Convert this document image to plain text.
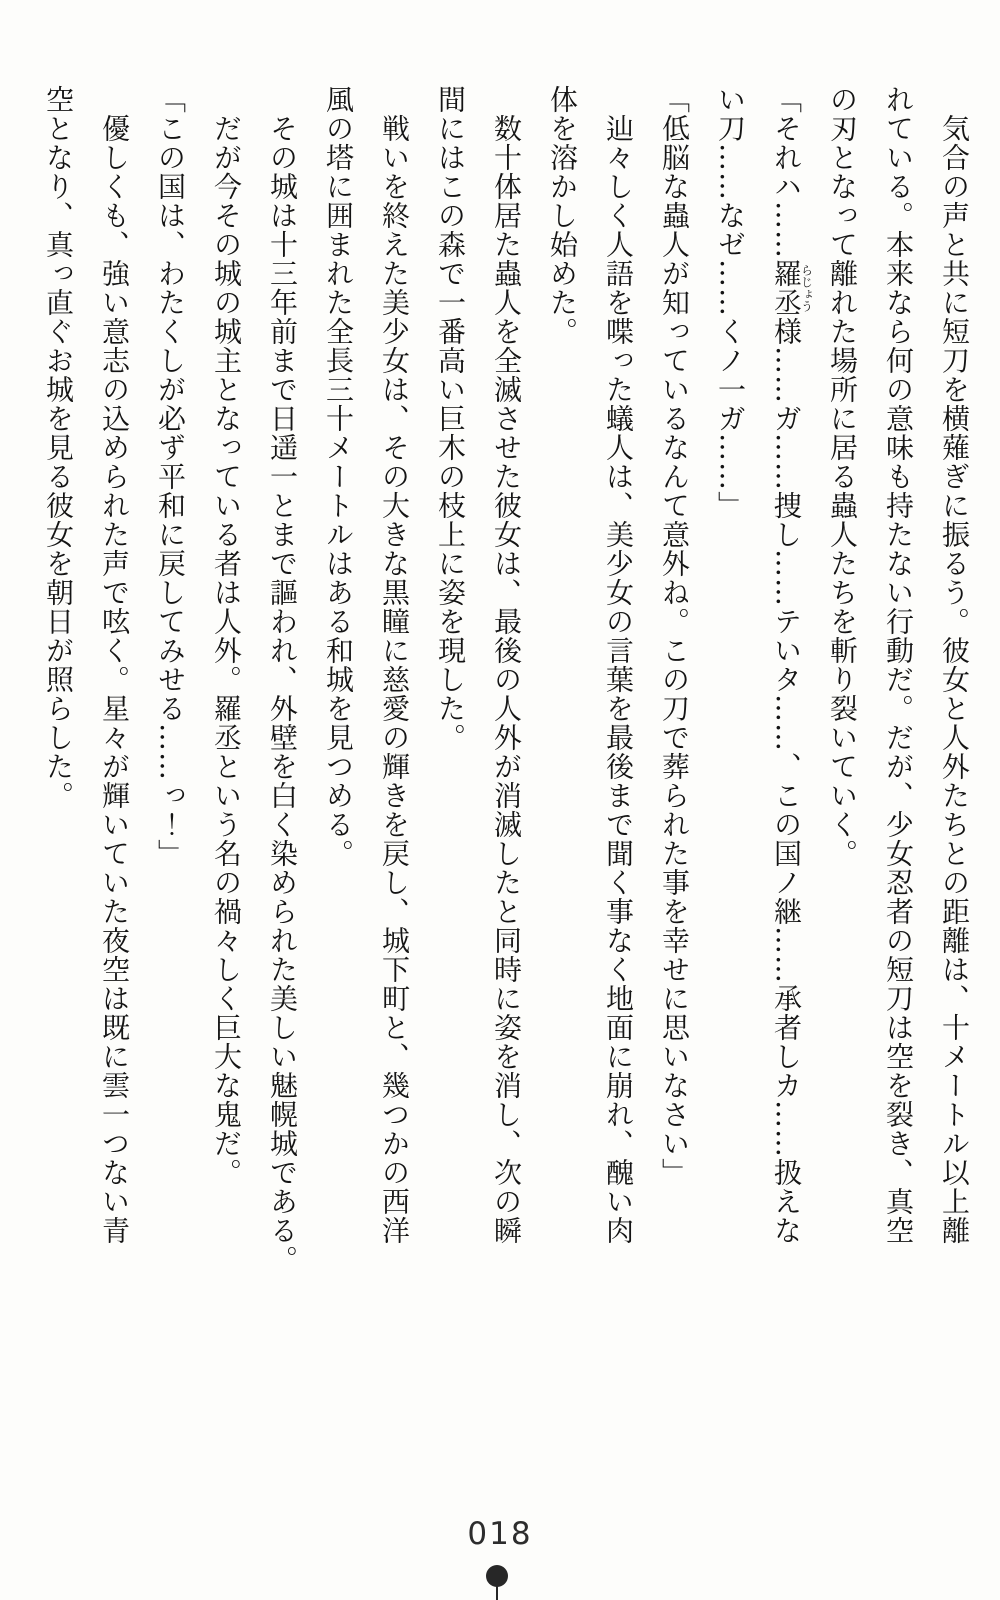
気合の声と共に短刀を横薙ぎに振るう。彼女と人外たちとの距離は、十メートル以上離
れている。本来なら何の意味も持たない行動だ。だが、少女忍者の短刀は空を裂き、真空
の刃となって離れた場所に居る蟲人たちを斬り裂いていく。
「それハ……羅丞らじょう様……ガ……捜し……テいタ……、この国ノ継……承者しカ……扱えな
い刀……なゼ……くノ一ガ……」
「低脳な蟲人が知っているなんて意外ね。この刀で葬られた事を幸せに思いなさい」
辿々しく人語を喋った蟻人は、美少女の言葉を最後まで聞く事なく地面に崩れ、醜い肉
体を溶かし始めた。
数十体居た蟲人を全滅させた彼女は、最後の人外が消滅したと同時に姿を消し、次の瞬
間にはこの森で一番高い巨木の枝上に姿を現した。
戦いを終えた美少女は、その大きな黒瞳に慈愛の輝きを戻し、城下町と、幾つかの西洋
風の塔に囲まれた全長三十メートルはある和城を見つめる。
その城は十三年前まで日遥一とまで謳われ、外壁を白く染められた美しい魅幌城である。
だが今その城の城主となっている者は人外。羅丞という名の禍々しく巨大な鬼だ。
「この国は、わたくしが必ず平和に戻してみせる……っ！」
優しくも、強い意志の込められた声で呟く。星々が輝いていた夜空は既に雲一つない青
空となり、真っ直ぐお城を見る彼女を朝日が照らした。
018
